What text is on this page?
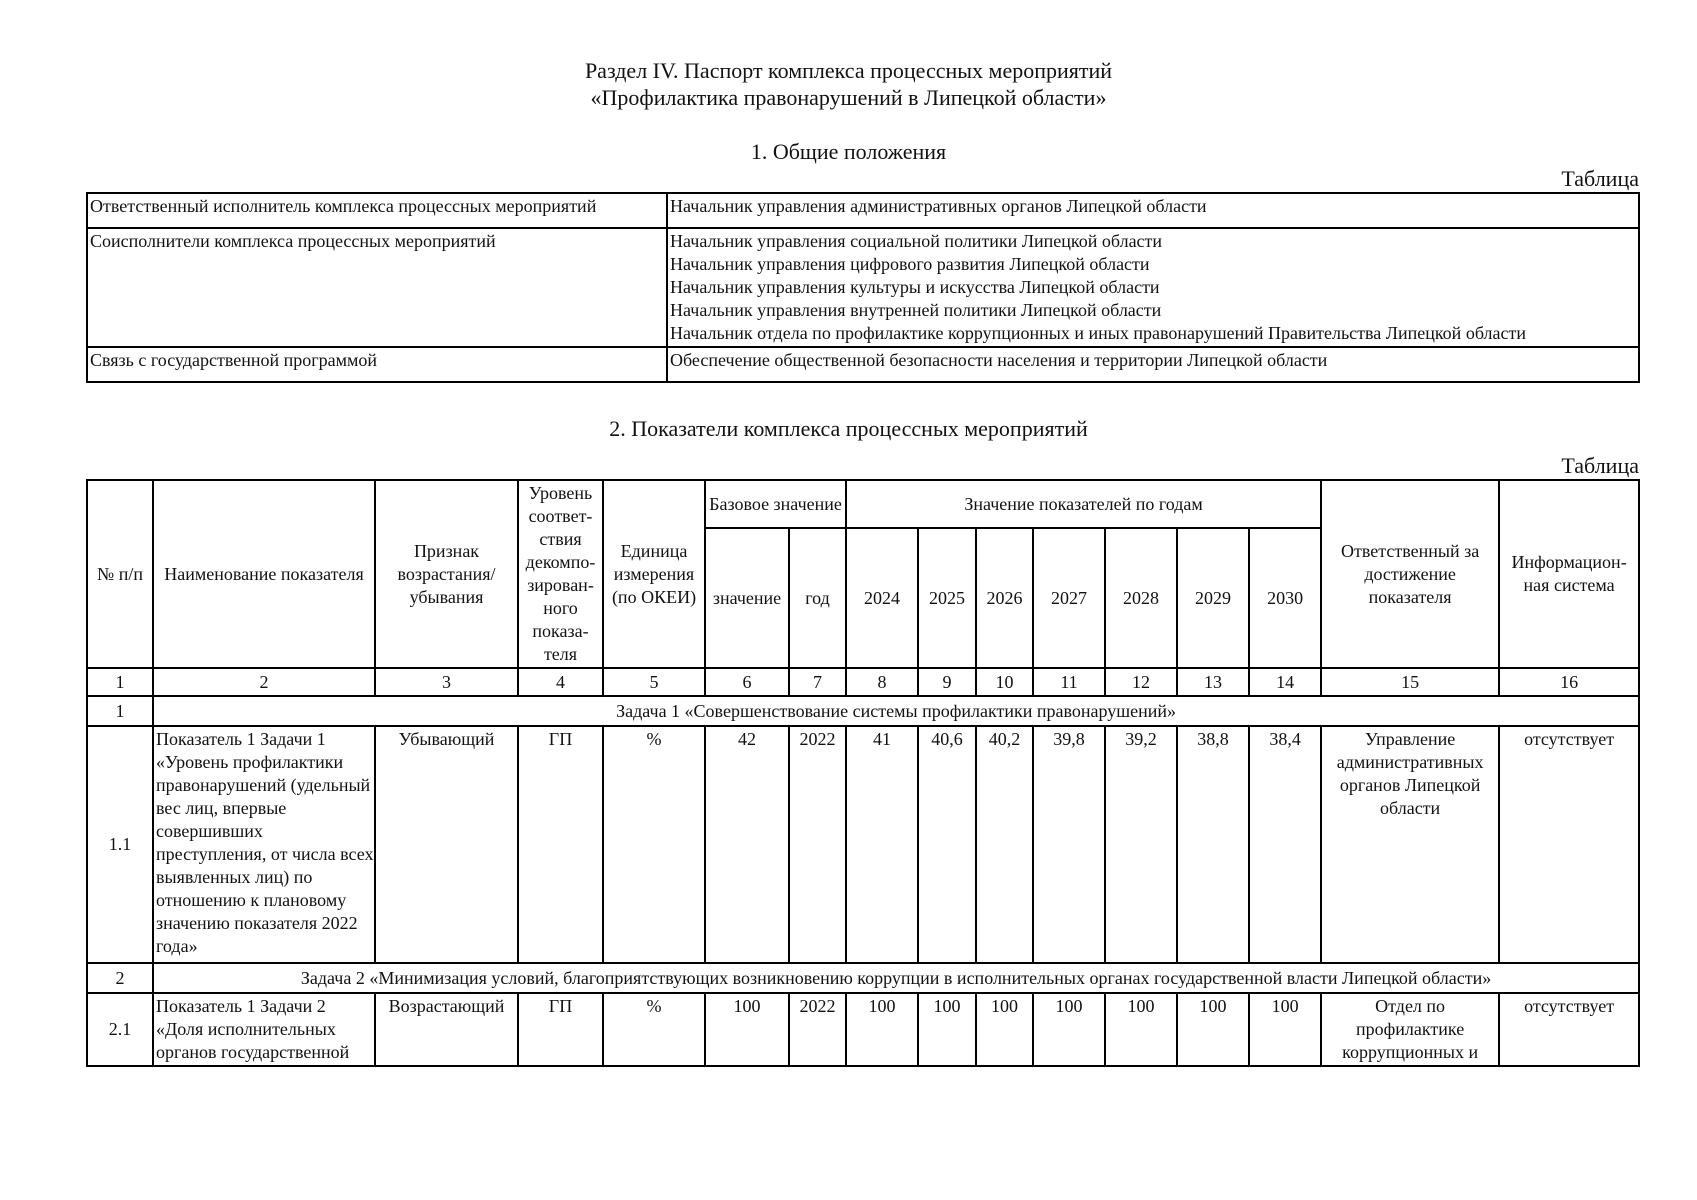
Раздел IV. Паспорт комплекса процессных мероприятий
«Профилактика правонарушений в Липецкой области»
1. Общие положения
Таблица
Ответственный исполнитель комплекса процессных мероприятий	Начальник управления административных органов Липецкой области
Соисполнители комплекса процессных мероприятий	Начальник управления социальной политики Липецкой области
Начальник управления цифрового развития Липецкой области
Начальник управления культуры и искусства Липецкой области
Начальник управления внутренней политики Липецкой области
Начальник отдела по профилактике коррупционных и иных правонарушений Правительства Липецкой области

Связь с государственной программой	Обеспечение общественной безопасности населения и территории Липецкой области
2. Показатели комплекса процессных мероприятий
Таблица
№ п/п	Наименование показателя	Признак возрастания/ убывания	Уровень соответ- ствия декомпо- зирован- ного показа- теля	Единица измерения (по ОКЕИ)	Базовое значение		Значение показателей по годам							Ответственный за достижение показателя	Информацион- ная система
					значение	год	2024	2025	2026	2027	2028	2029	2030		
1	2	3	4	5	6	7	8	9	10	11	12	13	14	15	16
1	Задача 1 «Совершенствование системы профилактики правонарушений»														
1.1	Показатель 1 Задачи 1 «Уровень профилактики правонарушений (удельный вес лиц, впервые совершивших преступления, от числа всех выявленных лиц) по отношению к плановому значению показателя 2022 года»	Убывающий	ГП	%	42	2022	41	40,6	40,2	39,8	39,2	38,8	38,4	Управление административных органов Липецкой области	отсутствует
2	Задача 2 «Минимизация условий, благоприятствующих возникновению коррупции в исполнительных органах государственной власти Липецкой области»														
2.1	Показатель 1 Задачи 2 «Доля исполнительных органов государственной	Возрастающий	ГП	%	100	2022	100	100	100	100	100	100	100	Отдел по профилактике коррупционных и	отсутствует
